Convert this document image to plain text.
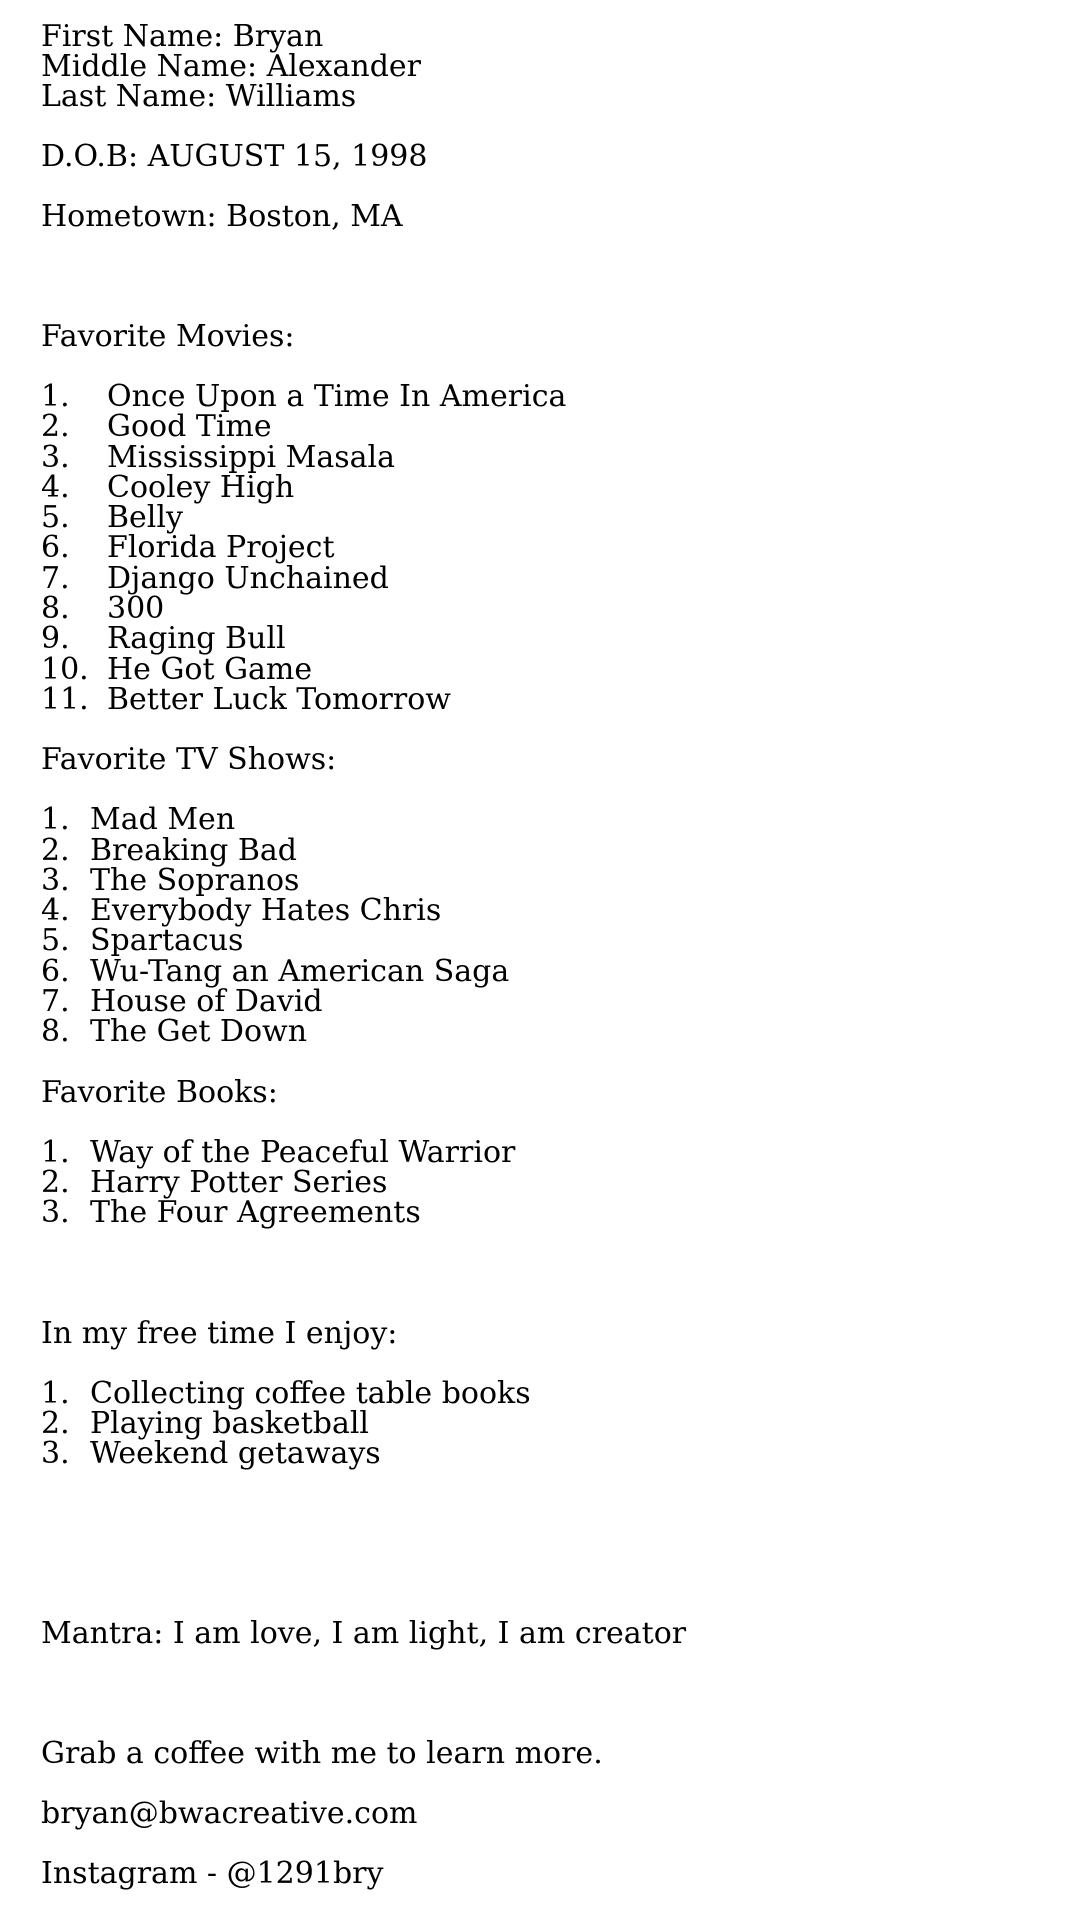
First Name: Bryan
Middle Name: Alexander
Last Name: Williams
D.O.B: AUGUST 15, 1998
Hometown: Boston, MA
Favorite Movies:
1.	Once Upon a Time In America
2.	Good Time
3.	Mississippi Masala
4.	Cooley High
5.	Belly
6.	Florida Project
7.	Django Unchained
8.	300
9.	Raging Bull
10. He Got Game
11. Better Luck Tomorrow
Favorite TV Shows:
1. Mad Men
2. Breaking Bad
3. The Sopranos
4. Everybody Hates Chris
5. Spartacus
6. Wu-Tang an American Saga
7. House of David
8. The Get Down
Favorite Books:
1. Way of the Peaceful Warrior
2. Harry Potter Series
3. The Four Agreements
In my free time I enjoy:
1. Collecting coffee table books
2. Playing basketball
3. Weekend getaways
Mantra: I am love, I am light, I am creator
Grab a coffee with me to learn more.
bryan@bwacreative.com
Instagram - @1291bry
